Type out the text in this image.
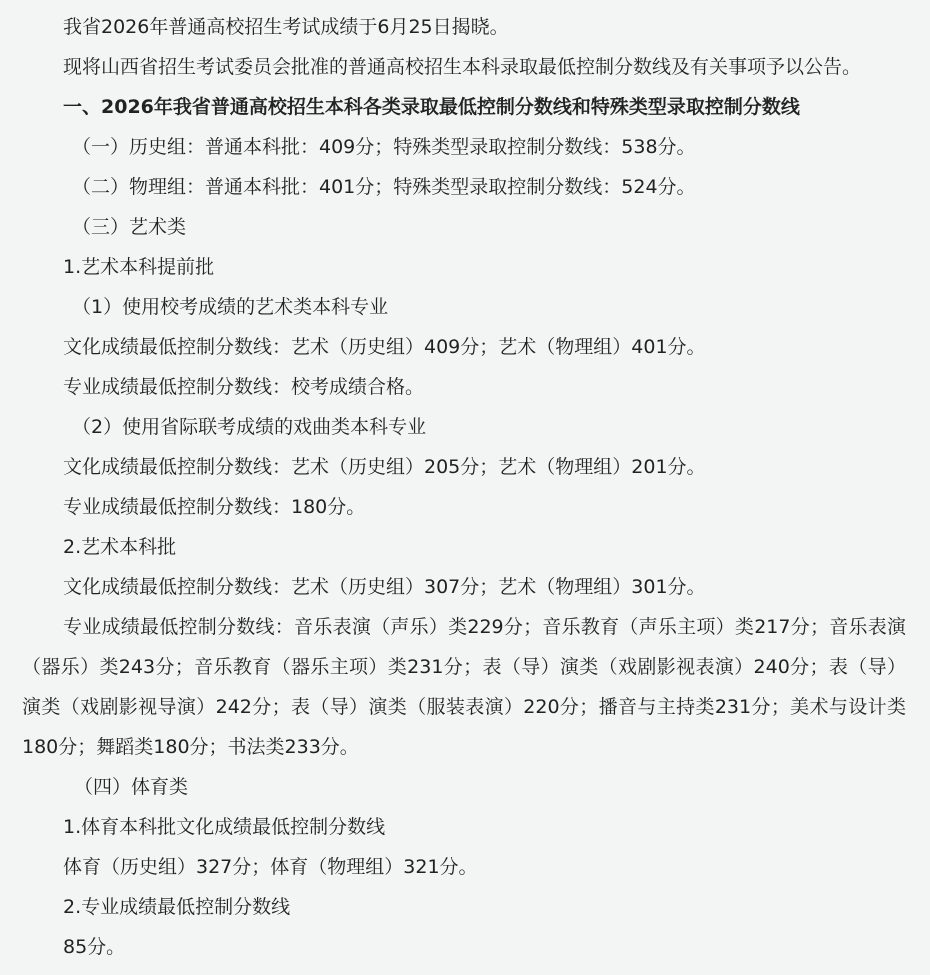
我省2026年普通高校招生考试成绩于6月25日揭晓。

现将山西省招生考试委员会批准的普通高校招生本科录取最低控制分数线及有关事项予以公告。

一、2026年我省普通高校招生本科各类录取最低控制分数线和特殊类型录取控制分数线

（一）历史组：普通本科批：409分；特殊类型录取控制分数线：538分。

（二）物理组：普通本科批：401分；特殊类型录取控制分数线：524分。

（三）艺术类

1.艺术本科提前批

（1）使用校考成绩的艺术类本科专业

文化成绩最低控制分数线：艺术（历史组）409分；艺术（物理组）401分。

专业成绩最低控制分数线：校考成绩合格。

（2）使用省际联考成绩的戏曲类本科专业

文化成绩最低控制分数线：艺术（历史组）205分；艺术（物理组）201分。

专业成绩最低控制分数线：180分。

2.艺术本科批

文化成绩最低控制分数线：艺术（历史组）307分；艺术（物理组）301分。

专业成绩最低控制分数线：音乐表演（声乐）类229分；音乐教育（声乐主项）类217分；音乐表演（器乐）类243分；音乐教育（器乐主项）类231分；表（导）演类（戏剧影视表演）240分；表（导）演类（戏剧影视导演）242分；表（导）演类（服装表演）220分；播音与主持类231分；美术与设计类180分；舞蹈类180分；书法类233分。

（四）体育类

1.体育本科批文化成绩最低控制分数线

体育（历史组）327分；体育（物理组）321分。

2.专业成绩最低控制分数线

85分。
